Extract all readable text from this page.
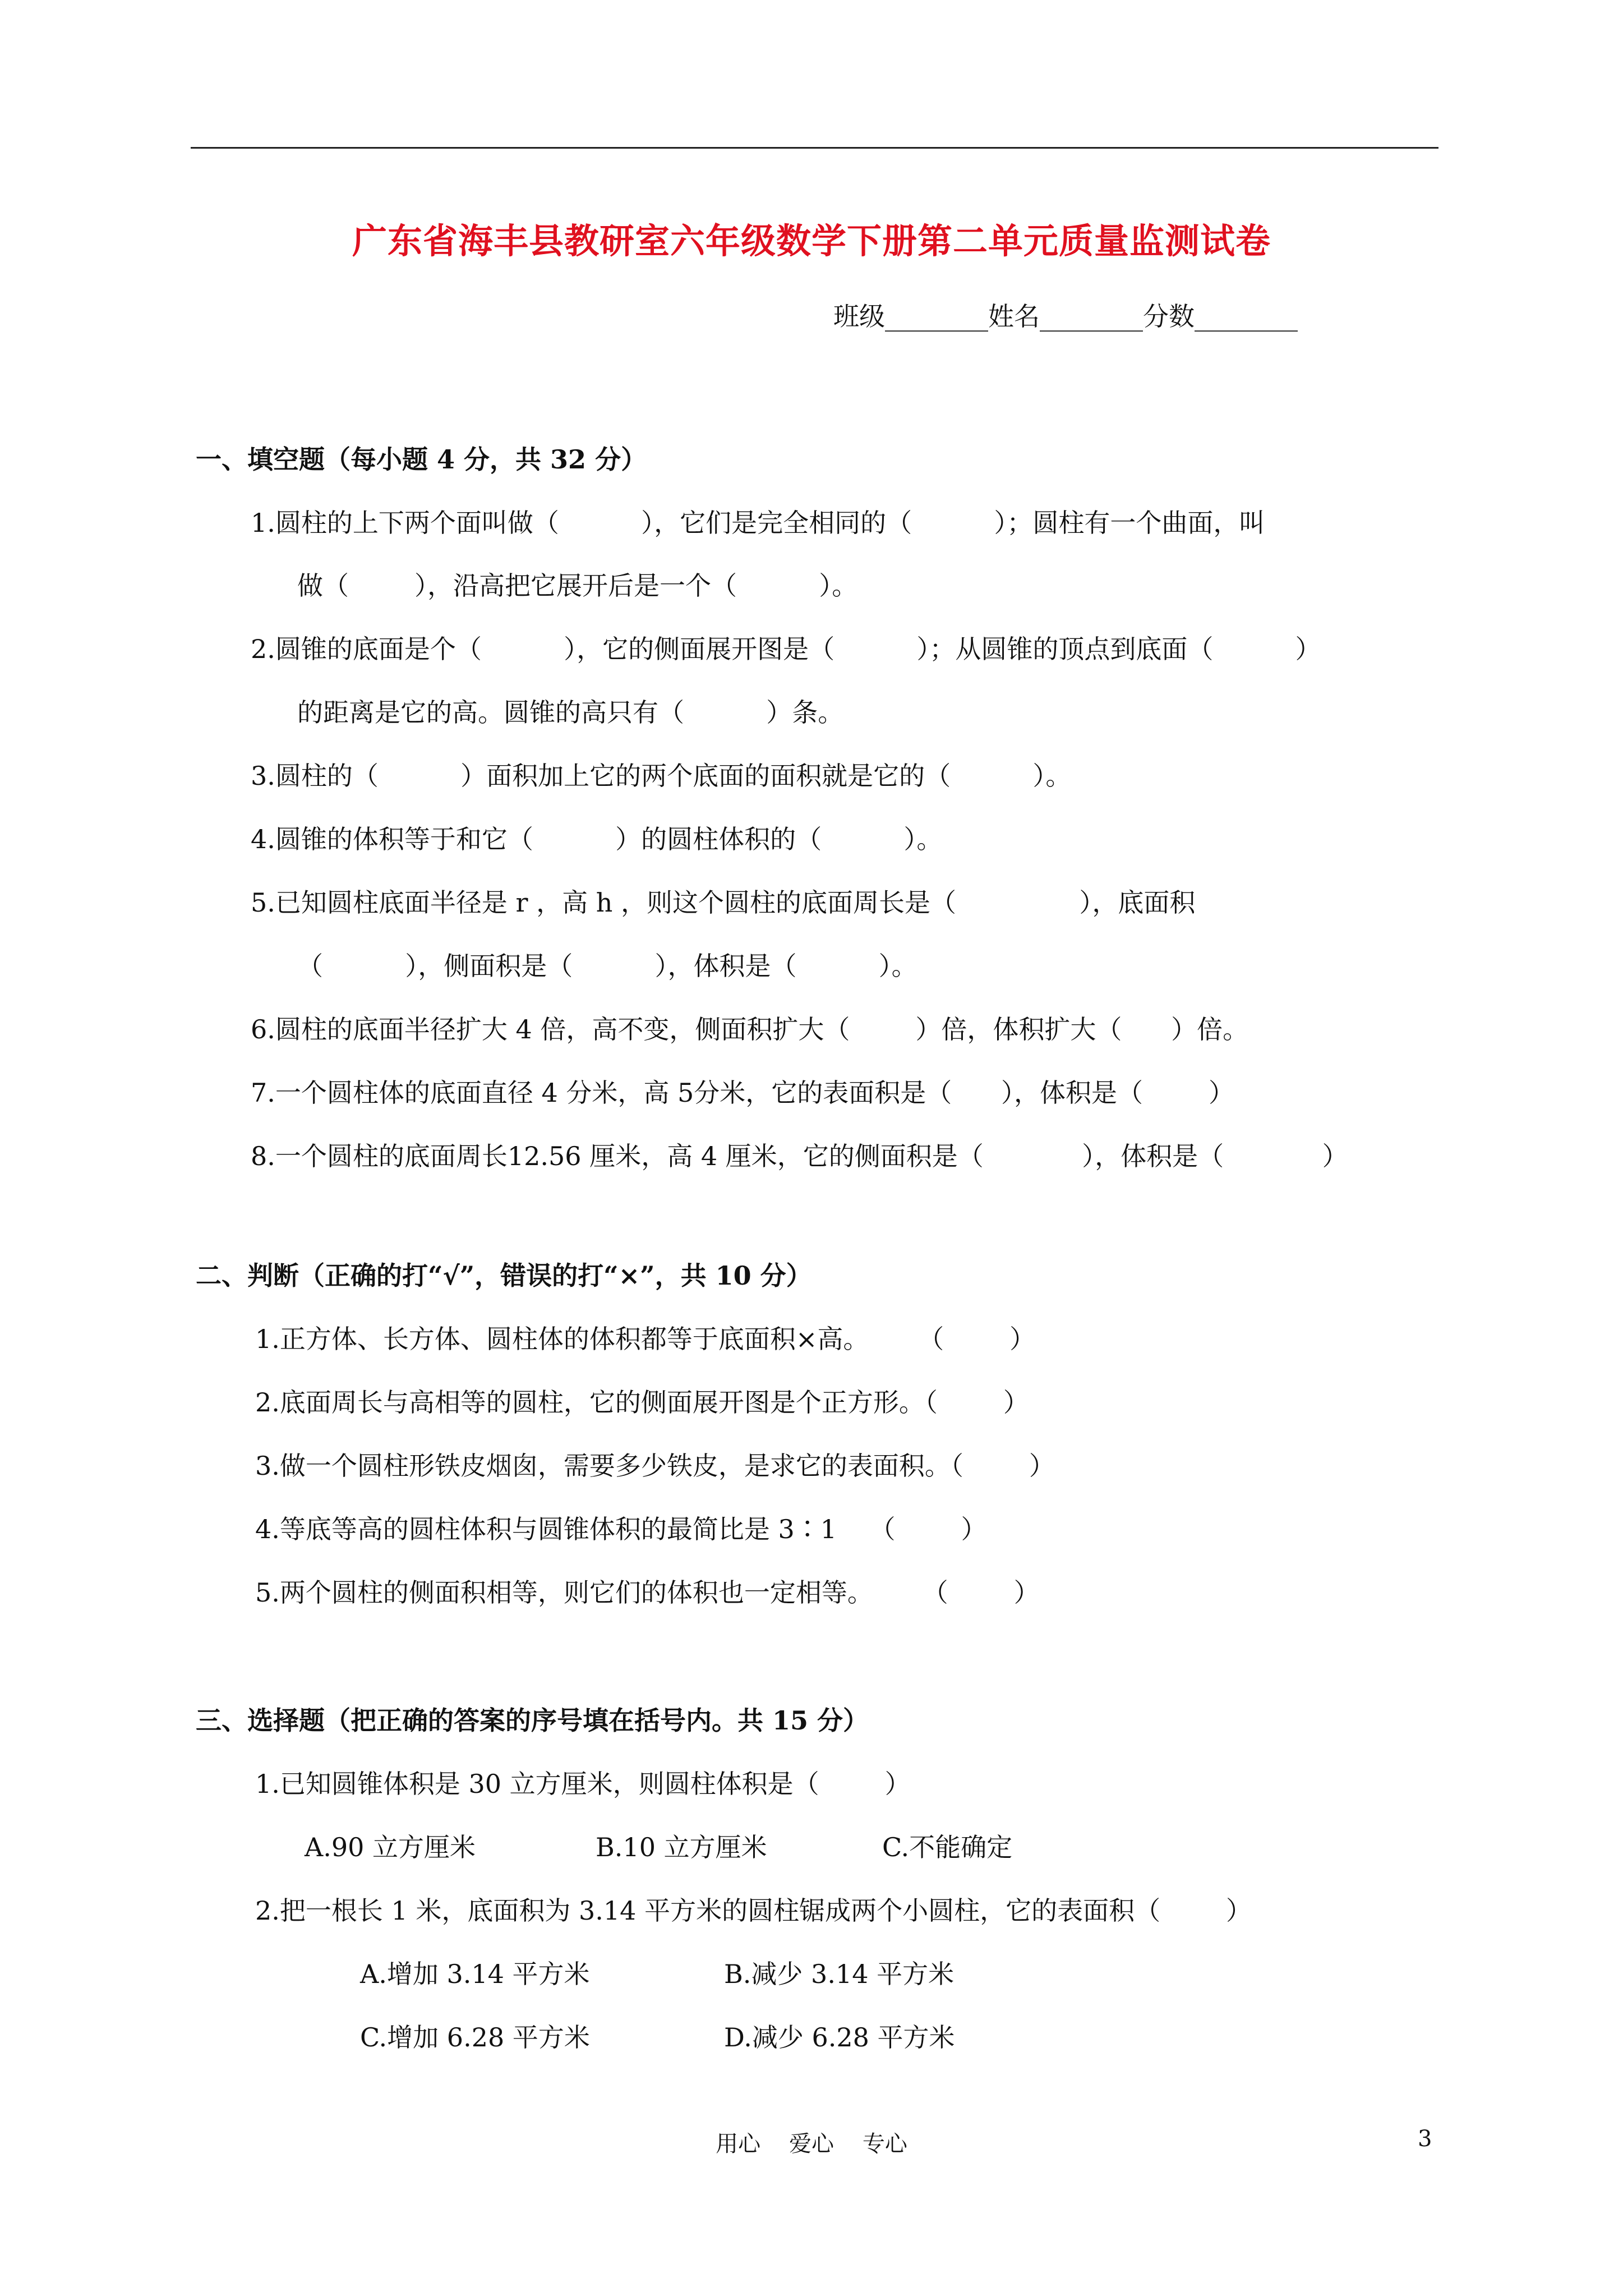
广东省海丰县教研室六年级数学下册第二单元质量监测试卷
班级________姓名________分数________
一、填空题（每小题 4 分，共 32 分）
1.圆柱的上下两个面叫做（          ），它们是完全相同的（          ）；圆柱有一个曲面，叫
做（        ），沿高把它展开后是一个（          ）。
2.圆锥的底面是个（          ），它的侧面展开图是（          ）；从圆锥的顶点到底面（          ）
的距离是它的高。圆锥的高只有（          ）条。
3.圆柱的（          ）面积加上它的两个底面的面积就是它的（          ）。
4.圆锥的体积等于和它（          ）的圆柱体积的（          ）。
5.已知圆柱底面半径是 r ，高 h ，则这个圆柱的底面周长是（               ），底面积
（          ），侧面积是（          ），体积是（          ）。
6.圆柱的底面半径扩大 4 倍，高不变，侧面积扩大（        ）倍，体积扩大（      ）倍。
7.一个圆柱体的底面直径 4 分米，高 5分米，它的表面积是（      ），体积是（        ）
8.一个圆柱的底面周长12.56 厘米，高 4 厘米，它的侧面积是（            ），体积是（            ）
二、判断（正确的打“√”，错误的打“×”，共 10 分）
1.正方体、长方体、圆柱体的体积都等于底面积×高。      （        ）
2.底面周长与高相等的圆柱，它的侧面展开图是个正方形。（        ）
3.做一个圆柱形铁皮烟囱，需要多少铁皮，是求它的表面积。（        ）
4.等底等高的圆柱体积与圆锥体积的最简比是 3∶1    （        ）
5.两个圆柱的侧面积相等，则它们的体积也一定相等。      （        ）
三、选择题（把正确的答案的序号填在括号内。共 15 分）
1.已知圆锥体积是 30 立方厘米，则圆柱体积是（        ）
A.90 立方厘米	B.10 立方厘米	C.不能确定
2.把一根长 1 米，底面积为 3.14 平方米的圆柱锯成两个小圆柱，它的表面积（        ）
A.增加 3.14 平方米	B.减少 3.14 平方米
C.增加 6.28 平方米	D.减少 6.28 平方米
用心    爱心    专心	3
